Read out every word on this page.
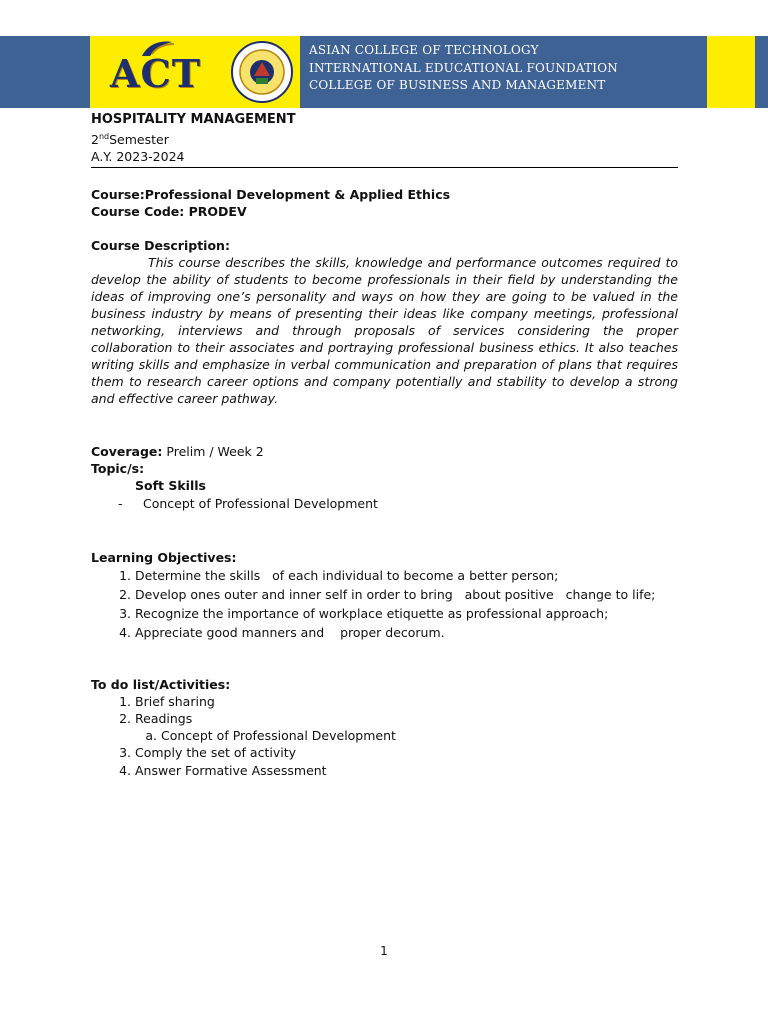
ACT
ASIAN COLLEGE OF TECHNOLOGY
INTERNATIONAL EDUCATIONAL FOUNDATION
COLLEGE OF BUSINESS AND MANAGEMENT
HOSPITALITY MANAGEMENT
2ndSemester
A.Y. 2023-2024
Course:Professional Development & Applied Ethics
Course Code: PRODEV
Course Description:

This course describes the skills, knowledge and performance outcomes required to develop the ability of students to become professionals in their field by understanding the ideas of improving one’s personality and ways on how they are going to be valued in the business industry by means of presenting their ideas like company meetings, professional networking, interviews and through proposals of services considering the proper collaboration to their associates and portraying professional business ethics. It also teaches writing skills and emphasize in verbal communication and preparation of plans that requires them to research career options and company potentially and stability to develop a strong and effective career pathway.

Coverage: Prelim / Week 2
Topic/s:
Soft Skills
- Concept of Professional Development
Learning Objectives:
1. Determine the skills   of each individual to become a better person;
2. Develop ones outer and inner self in order to bring   about positive   change to life;
3. Recognize the importance of workplace etiquette as professional approach;
4. Appreciate good manners and    proper decorum.
To do list/Activities:
1. Brief sharing
2. Readings
a. Concept of Professional Development
3. Comply the set of activity
4. Answer Formative Assessment
1
